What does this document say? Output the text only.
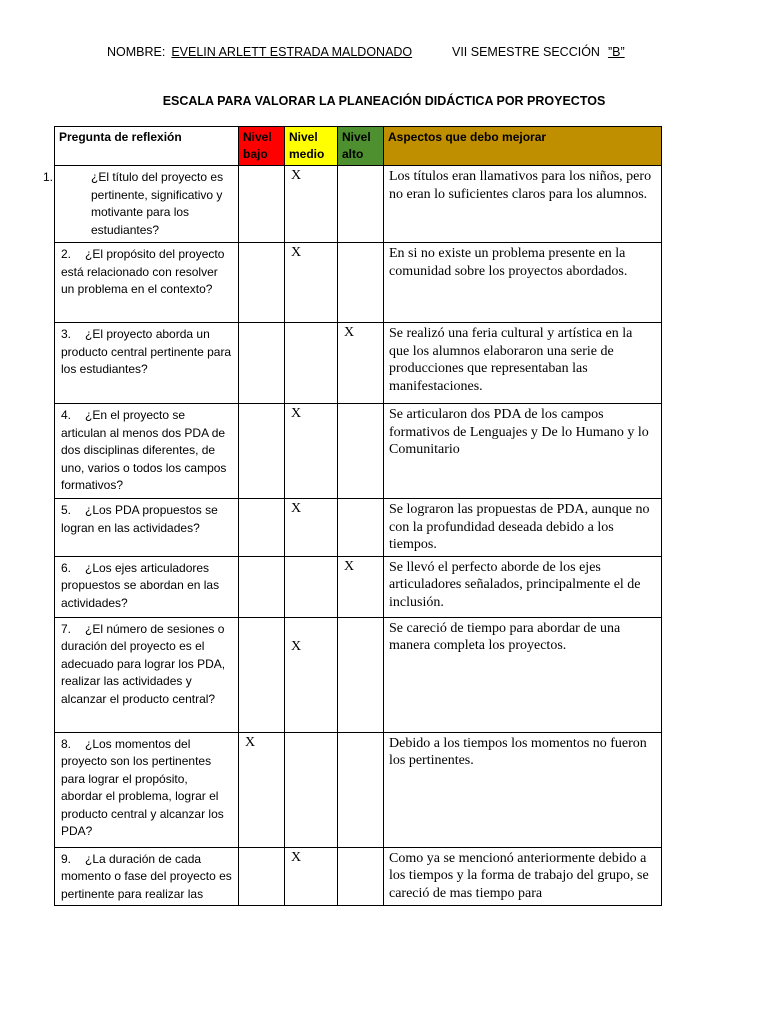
NOMBRE: EVELIN ARLETT ESTRADA MALDONADO	VII SEMESTRE SECCIÓN ”B”
ESCALA PARA VALORAR LA PLANEACIÓN DIDÁCTICA POR PROYECTOS
Pregunta de reflexión	Nivel bajo	Nivel medio	Nivel alto	Aspectos que debo mejorar

1. ¿El título del proyecto es pertinente, significativo y motivante para los estudiantes?		X		Los títulos eran llamativos para los niños, pero no eran lo suficientes claros para los alumnos.
2. ¿El propósito del proyecto está relacionado con resolver un problema en el contexto?		X		En si no existe un problema presente en la comunidad sobre los proyectos abordados.
3. ¿El proyecto aborda un producto central pertinente para los estudiantes?			X	Se realizó una feria cultural y artística en la que los alumnos elaboraron una serie de producciones que representaban las manifestaciones.
4. ¿En el proyecto se articulan al menos dos PDA de dos disciplinas diferentes, de uno, varios o todos los campos formativos?		X		Se articularon dos PDA de los campos formativos de Lenguajes y De lo Humano y lo Comunitario
5. ¿Los PDA propuestos se logran en las actividades?		X		Se lograron las propuestas de PDA, aunque no con la profundidad deseada debido a los tiempos.
6. ¿Los ejes articuladores propuestos se abordan en las actividades?			X	Se llevó el perfecto aborde de los ejes articuladores señalados, principalmente el de inclusión.
7. ¿El número de sesiones o duración del proyecto es el adecuado para lograr los PDA, realizar las actividades y alcanzar el producto central?		X		Se careció de tiempo para abordar de una manera completa los proyectos.
8. ¿Los momentos del proyecto son los pertinentes para lograr el propósito, abordar el problema, lograr el producto central y alcanzar los PDA?	X			Debido a los tiempos los momentos no fueron los pertinentes.
9. ¿La duración de cada momento o fase del proyecto es pertinente para realizar las		X		Como ya se mencionó anteriormente debido a los tiempos y la forma de trabajo del grupo, se careció de mas tiempo para
